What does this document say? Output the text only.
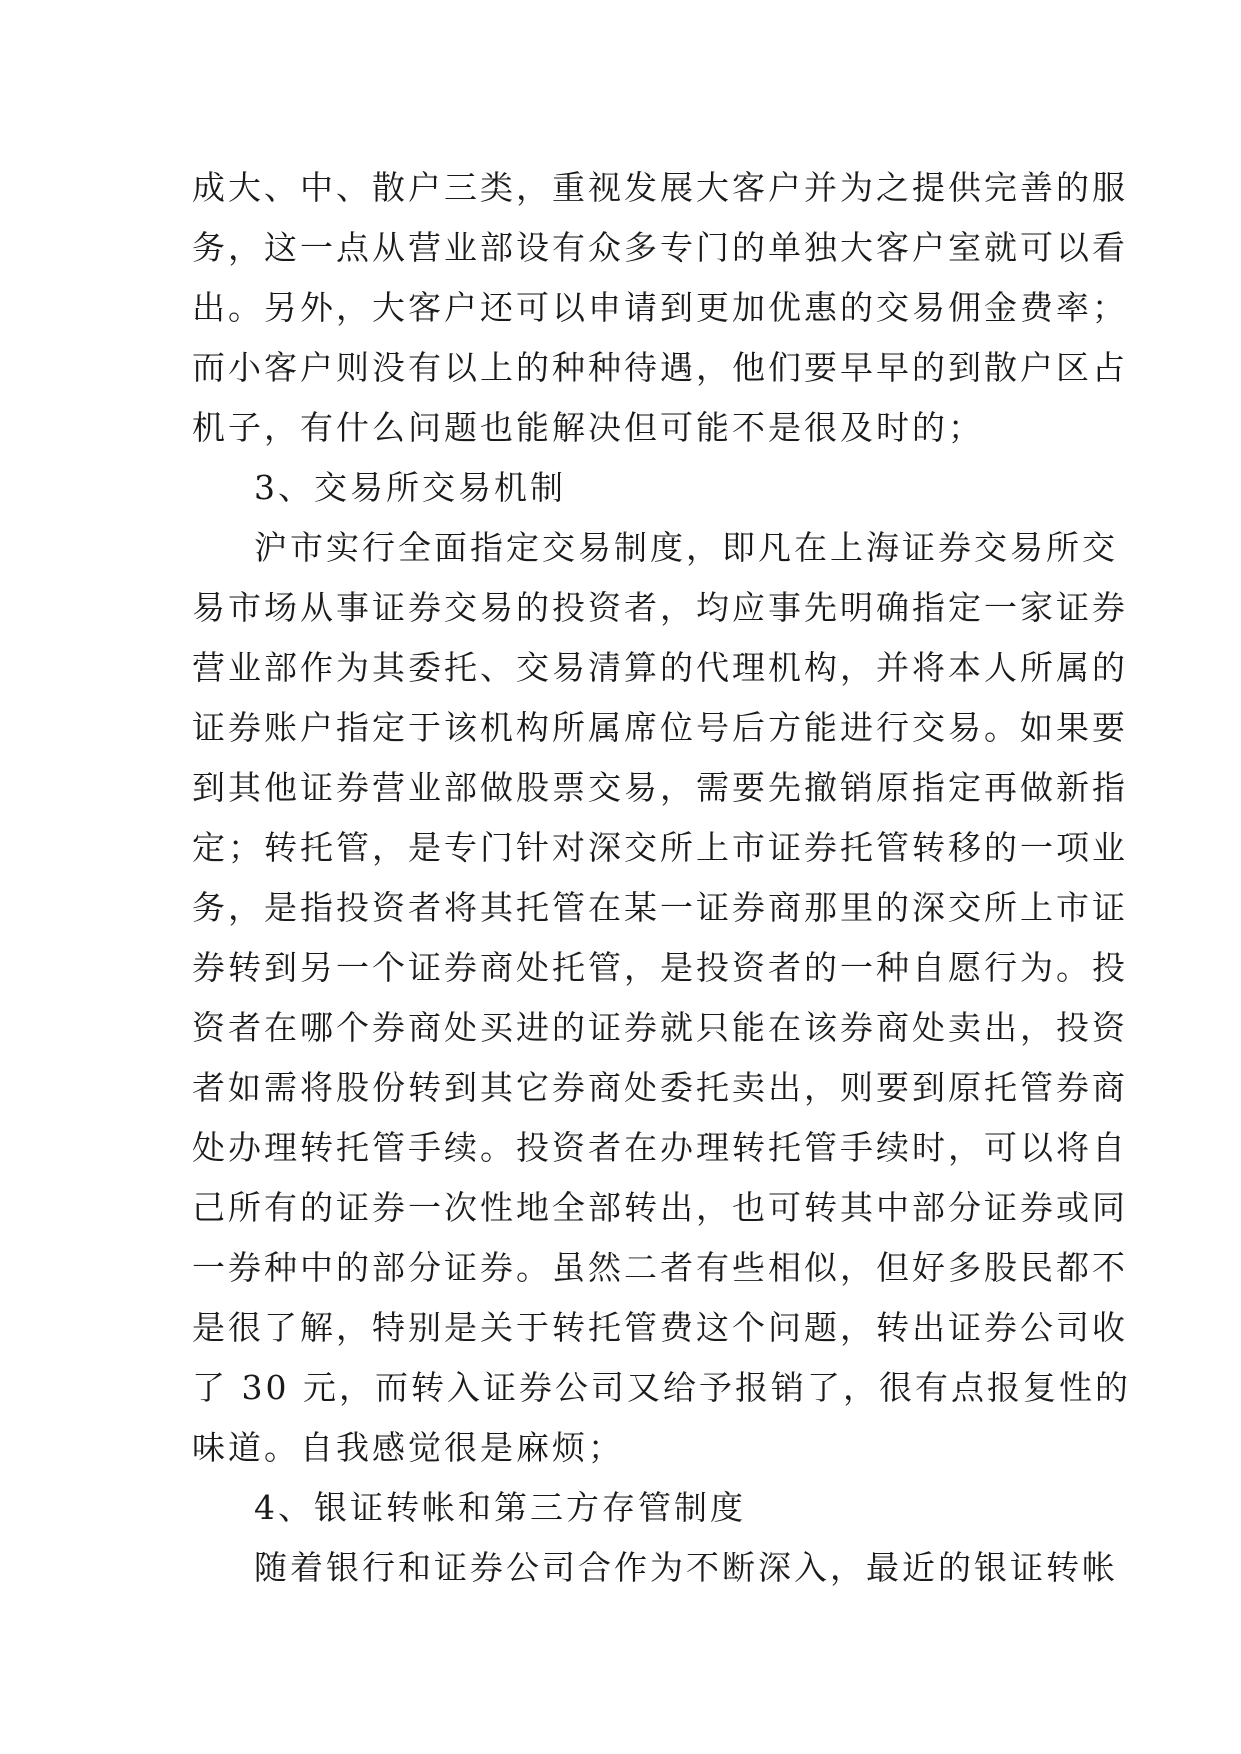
成大、中、散户三类，重视发展大客户并为之提供完善的服
务，这一点从营业部设有众多专门的单独大客户室就可以看
出。另外，大客户还可以申请到更加优惠的交易佣金费率；
而小客户则没有以上的种种待遇，他们要早早的到散户区占
机子，有什么问题也能解决但可能不是很及时的；
3、交易所交易机制
沪市实行全面指定交易制度，即凡在上海证券交易所交
易市场从事证券交易的投资者，均应事先明确指定一家证券
营业部作为其委托、交易清算的代理机构，并将本人所属的
证券账户指定于该机构所属席位号后方能进行交易。如果要
到其他证券营业部做股票交易，需要先撤销原指定再做新指
定；转托管，是专门针对深交所上市证券托管转移的一项业
务，是指投资者将其托管在某一证券商那里的深交所上市证
券转到另一个证券商处托管，是投资者的一种自愿行为。投
资者在哪个券商处买进的证券就只能在该券商处卖出，投资
者如需将股份转到其它券商处委托卖出，则要到原托管券商
处办理转托管手续。投资者在办理转托管手续时，可以将自
己所有的证券一次性地全部转出，也可转其中部分证券或同
一券种中的部分证券。虽然二者有些相似，但好多股民都不
是很了解，特别是关于转托管费这个问题，转出证券公司收
了 30 元，而转入证券公司又给予报销了，很有点报复性的
味道。自我感觉很是麻烦；
4、银证转帐和第三方存管制度
随着银行和证券公司合作为不断深入，最近的银证转帐
